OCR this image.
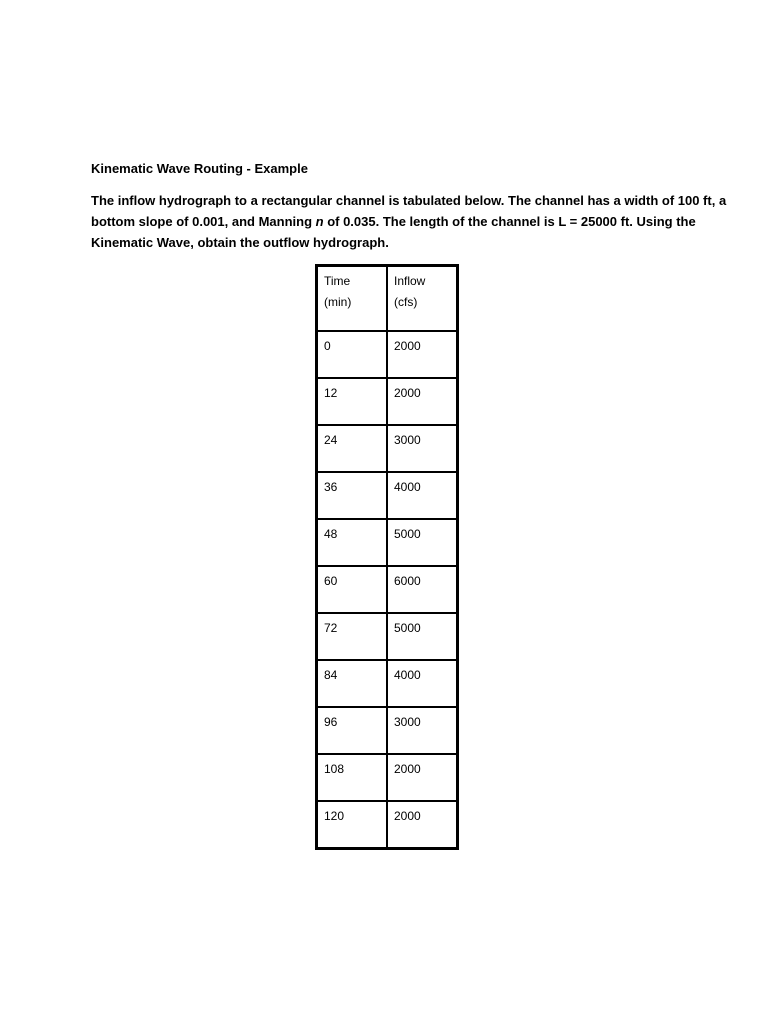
Kinematic Wave Routing - Example

The inflow hydrograph to a rectangular channel is tabulated below. The channel has a width of 100 ft, a
bottom slope of 0.001, and Manning n of 0.035. The length of the channel is L = 25000 ft. Using the
Kinematic Wave, obtain the outflow hydrograph.

Time
(min)	Inflow
(cfs)

0	2000
12	2000
24	3000
36	4000
48	5000
60	6000
72	5000
84	4000
96	3000
108	2000
120	2000
